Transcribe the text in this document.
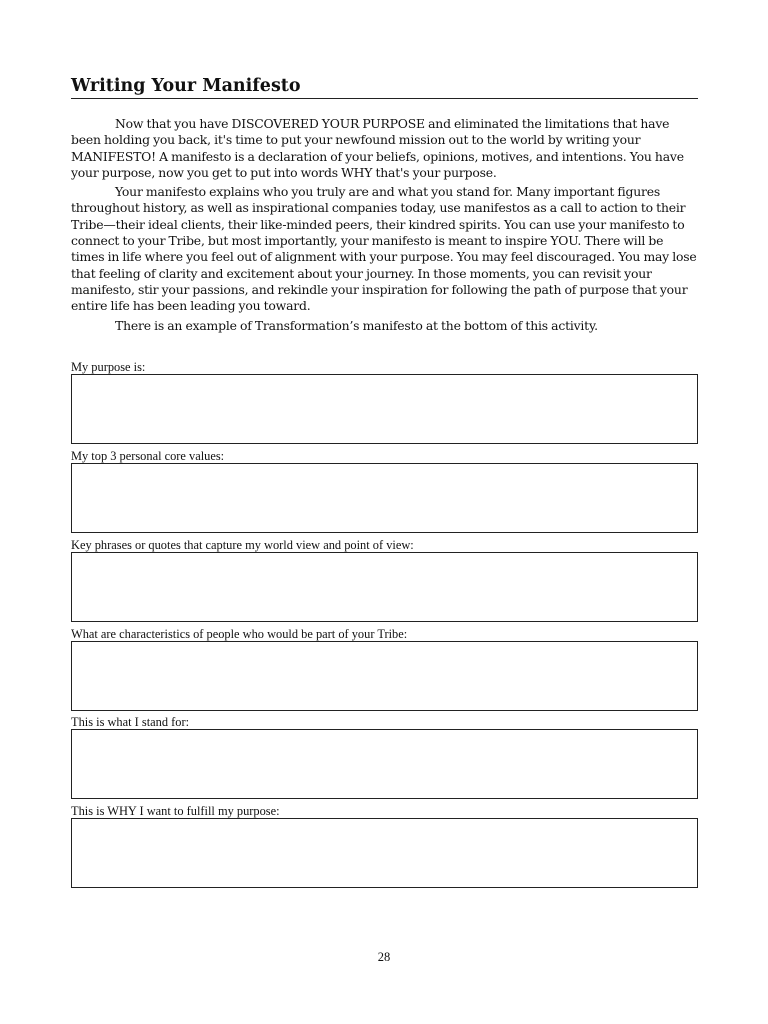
Writing Your Manifesto

Now that you have DISCOVERED YOUR PURPOSE and eliminated the limitations that have been holding you back, it's time to put your newfound mission out to the world by writing your MANIFESTO! A manifesto is a declaration of your beliefs, opinions, motives, and intentions. You have your purpose, now you get to put into words WHY that's your purpose.

Your manifesto explains who you truly are and what you stand for. Many important figures throughout history, as well as inspirational companies today, use manifestos as a call to action to their Tribe—their ideal clients, their like-minded peers, their kindred spirits. You can use your manifesto to connect to your Tribe, but most importantly, your manifesto is meant to inspire YOU. There will be times in life where you feel out of alignment with your purpose. You may feel discouraged. You may lose that feeling of clarity and excitement about your journey. In those moments, you can revisit your manifesto, stir your passions, and rekindle your inspiration for following the path of purpose that your entire life has been leading you toward.

There is an example of Transformation’s manifesto at the bottom of this activity.

My purpose is:
My top 3 personal core values:
Key phrases or quotes that capture my world view and point of view:
What are characteristics of people who would be part of your Tribe:
This is what I stand for:
This is WHY I want to fulfill my purpose:
28
